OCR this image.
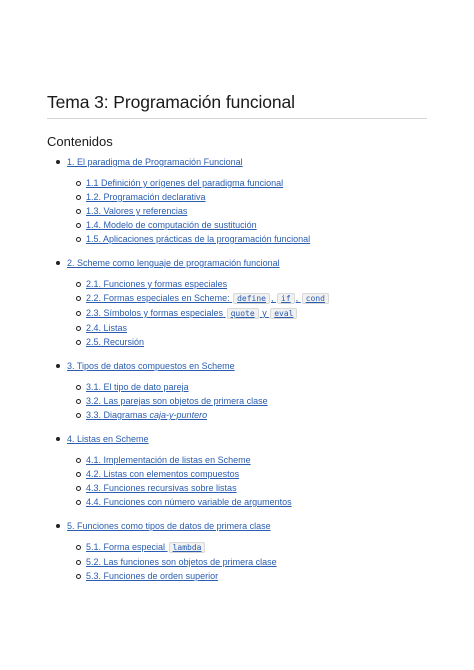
Tema 3: Programación funcional
Contenidos
1. El paradigma de Programación Funcional
1.1 Definición y orígenes del paradigma funcional
1.2. Programación declarativa
1.3. Valores y referencias
1.4. Modelo de computación de sustitución
1.5. Aplicaciones prácticas de la programación funcional
2. Scheme como lenguaje de programación funcional
2.1. Funciones y formas especiales
2.2. Formas especiales en Scheme: define , if , cond
2.3. Símbolos y formas especiales quote y eval
2.4. Listas
2.5. Recursión
3. Tipos de datos compuestos en Scheme
3.1. El tipo de dato pareja
3.2. Las parejas son objetos de primera clase
3.3. Diagramas caja-y-puntero
4. Listas en Scheme
4.1. Implementación de listas en Scheme
4.2. Listas con elementos compuestos
4.3. Funciones recursivas sobre listas
4.4. Funciones con número variable de argumentos
5. Funciones como tipos de datos de primera clase
5.1. Forma especial lambda
5.2. Las funciones son objetos de primera clase
5.3. Funciones de orden superior
